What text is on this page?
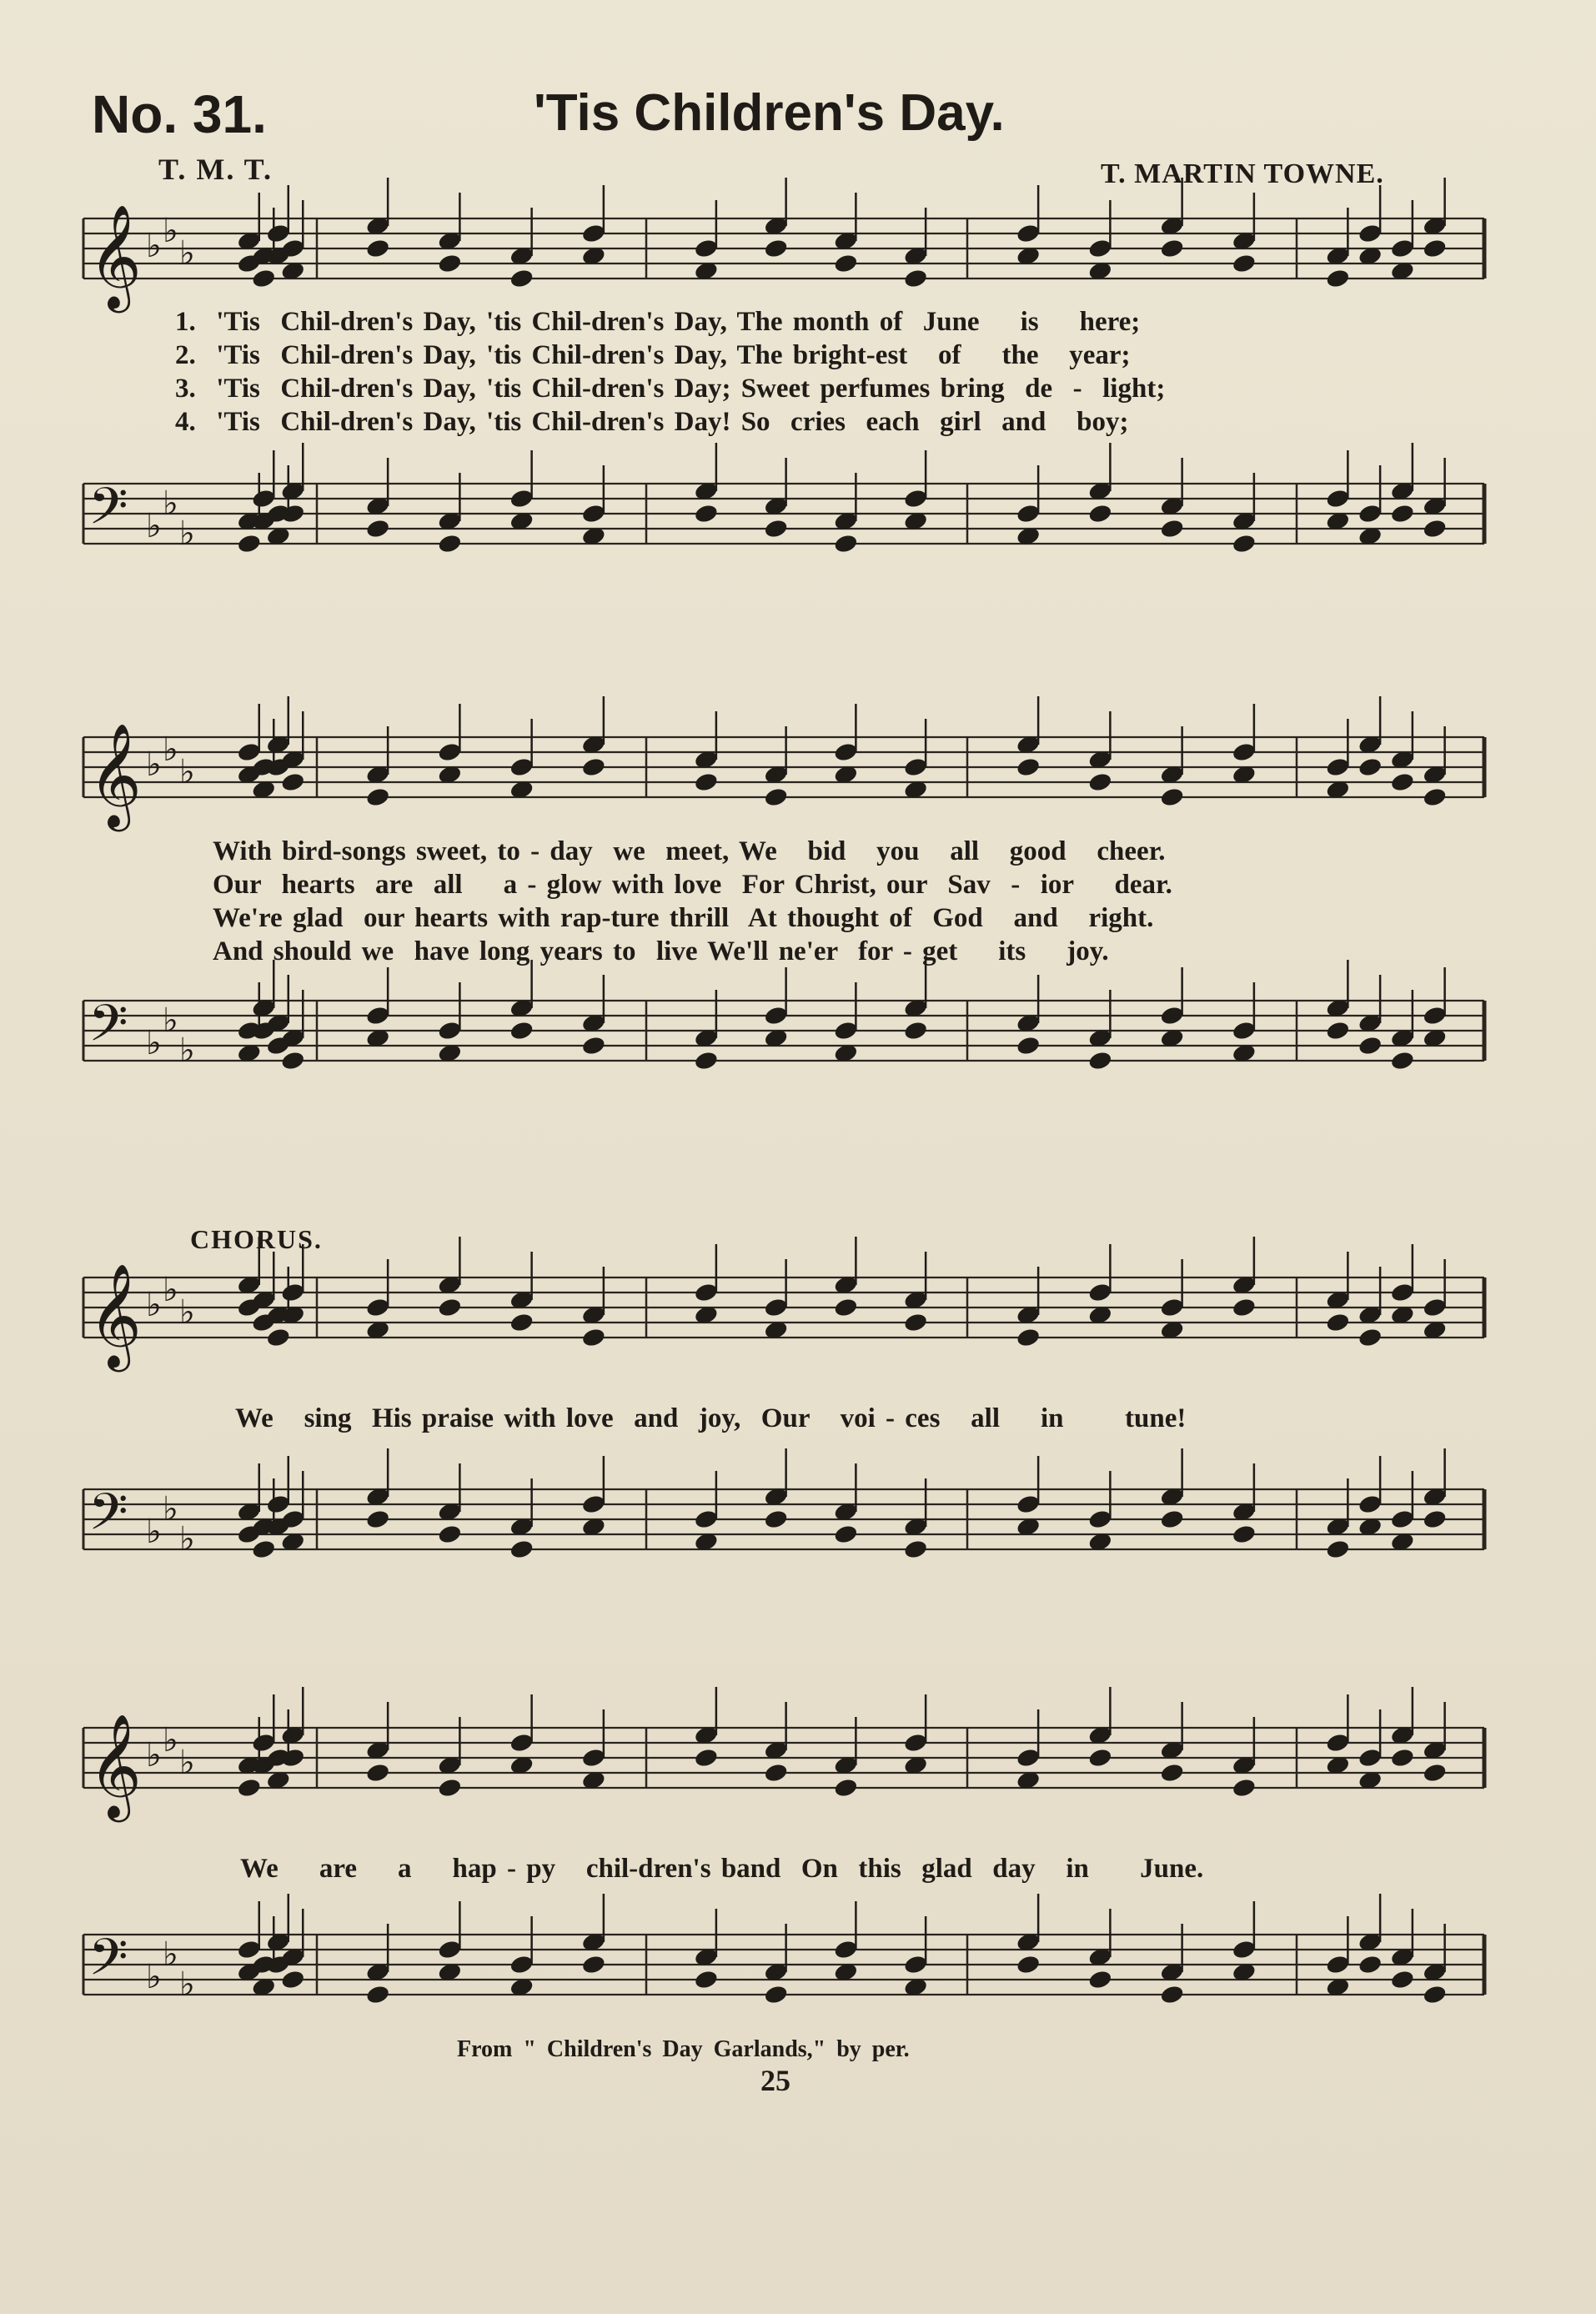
No. 31.	'Tis Children's Day.
T. M. T.	T. MARTIN TOWNE.
𝄞 ♭ ♭
♭
𝄢 ♭
♭
♭
1.  'Tis  Chil-dren's Day, 'tis Chil-dren's Day, The month of  June    is    here;
2.  'Tis  Chil-dren's Day, 'tis Chil-dren's Day, The bright-est   of    the   year;
3.  'Tis  Chil-dren's Day, 'tis Chil-dren's Day; Sweet perfumes bring  de  -  light;
4.  'Tis  Chil-dren's Day, 'tis Chil-dren's Day! So  cries  each  girl  and   boy;
𝄞 ♭ ♭
♭
𝄢 ♭
♭
♭
With bird-songs sweet, to - day  we  meet, We   bid   you   all   good   cheer.
Our  hearts  are  all    a - glow with love  For Christ, our  Sav  -  ior    dear.
We're glad  our hearts with rap-ture thrill  At thought of  God   and   right.
And should we  have long years to  live We'll ne'er  for - get    its    joy.
CHORUS.
𝄞 ♭ ♭
♭
𝄢 ♭
♭
♭
We   sing  His praise with love  and  joy,  Our   voi - ces   all    in      tune!
𝄞 ♭ ♭
♭
𝄢 ♭
♭
♭
We    are    a    hap - py   chil-dren's band  On  this  glad  day   in     June.
From " Children's Day Garlands," by per.
25
